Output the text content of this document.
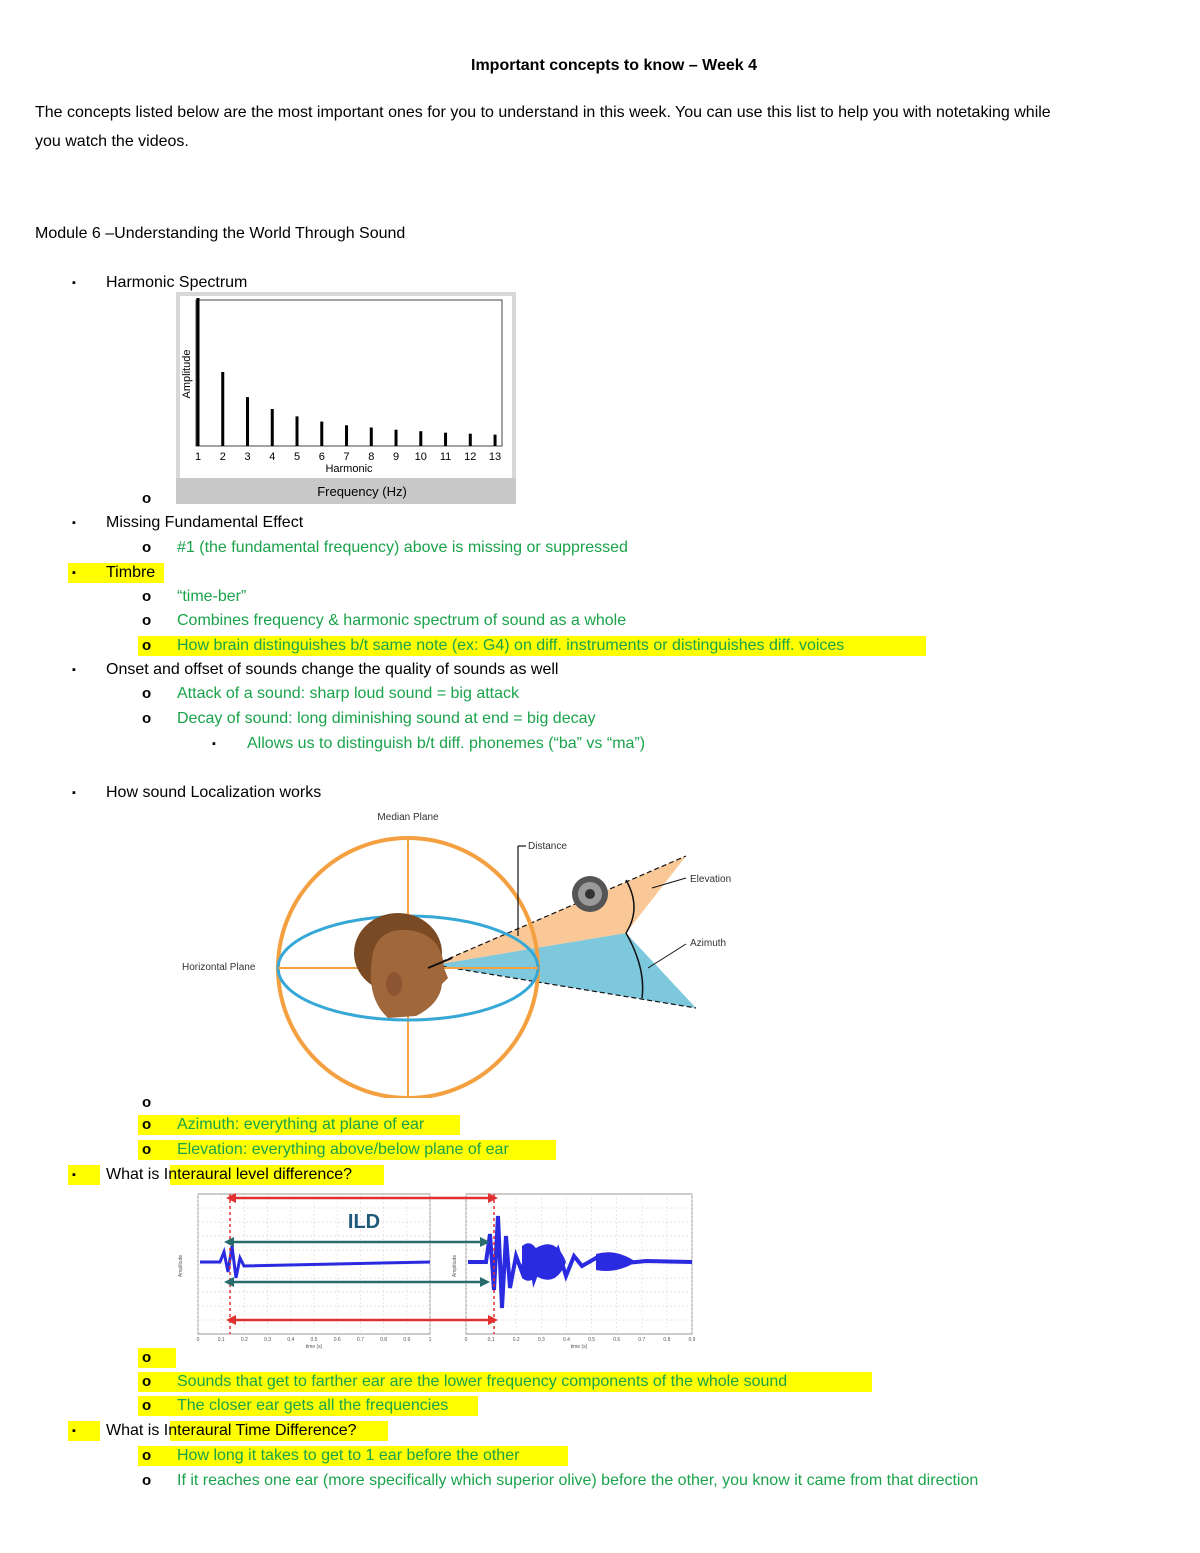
Important concepts to know – Week 4
The concepts listed below are the most important ones for you to understand in this week. You can use this list to help you with notetaking while
you watch the videos.
Module 6 –Understanding the World Through Sound
▪ Harmonic Spectrum
1 2 3 4 5 6 7 8 9 10 11 12 13
Amplitude
Harmonic
Frequency (Hz)
o
▪ Missing Fundamental Effect
o #1 (the fundamental frequency) above is missing or suppressed
▪ Timbre
o “time-ber”
o Combines frequency & harmonic spectrum of sound as a whole
o How brain distinguishes b/t same note (ex: G4) on diff. instruments or distinguishes diff. voices
▪ Onset and offset of sounds change the quality of sounds as well
o Attack of a sound: sharp loud sound = big attack
o Decay of sound: long diminishing sound at end = big decay
▪ Allows us to distinguish b/t diff. phonemes (“ba” vs “ma”)
▪ How sound Localization works
Median Plane
Horizontal Plane
Distance
Elevation
Azimuth
o
o Azimuth: everything at plane of ear
o Elevation: everything above/below plane of ear
▪ What is Interaural level difference?
ILD
Amplitude	Amplitude
time (s)	time (s)
0	0.1	0.2	0.3	0.4	0.5	0.6	0.7	0.8	0.9	1	0	0.1	0.2	0.3	0.4	0.5	0.6	0.7	0.8	0.9
o
o Sounds that get to farther ear are the lower frequency components of the whole sound
o The closer ear gets all the frequencies
▪ What is Interaural Time Difference?
o How long it takes to get to 1 ear before the other
o If it reaches one ear (more specifically which superior olive) before the other, you know it came from that direction
